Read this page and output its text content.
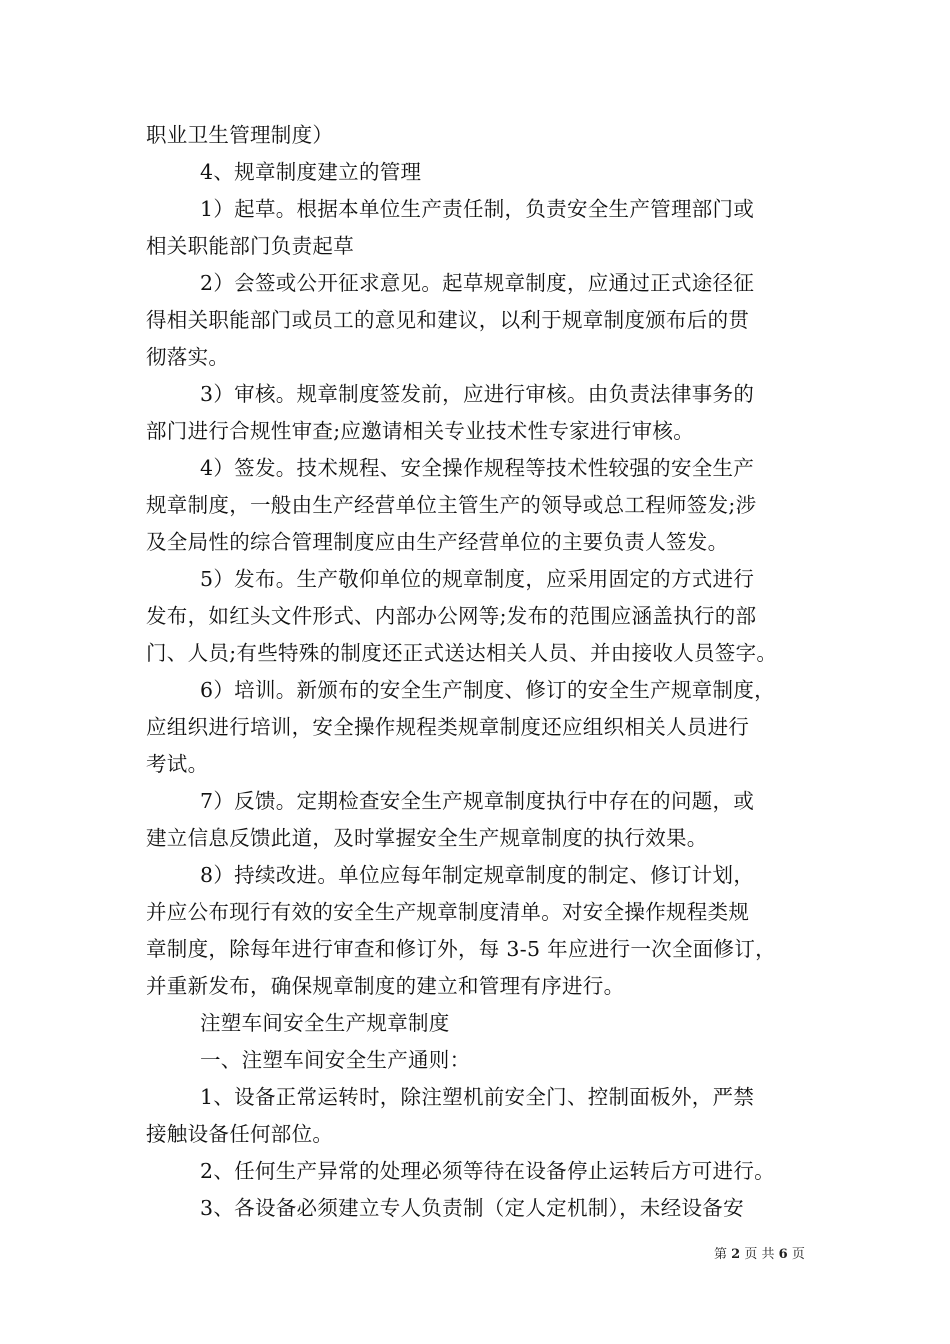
职业卫生管理制度）
4、规章制度建立的管理
1）起草。根据本单位生产责任制，负责安全生产管理部门或
相关职能部门负责起草
2）会签或公开征求意见。起草规章制度，应通过正式途径征
得相关职能部门或员工的意见和建议，以利于规章制度颁布后的贯
彻落实。
3）审核。规章制度签发前，应进行审核。由负责法律事务的
部门进行合规性审查;应邀请相关专业技术性专家进行审核。
4）签发。技术规程、安全操作规程等技术性较强的安全生产
规章制度，一般由生产经营单位主管生产的领导或总工程师签发;涉
及全局性的综合管理制度应由生产经营单位的主要负责人签发。
5）发布。生产敬仰单位的规章制度，应采用固定的方式进行
发布，如红头文件形式、内部办公网等;发布的范围应涵盖执行的部
门、人员;有些特殊的制度还正式送达相关人员、并由接收人员签字。
6）培训。新颁布的安全生产制度、修订的安全生产规章制度，
应组织进行培训，安全操作规程类规章制度还应组织相关人员进行
考试。
7）反馈。定期检查安全生产规章制度执行中存在的问题，或
建立信息反馈此道，及时掌握安全生产规章制度的执行效果。
8）持续改进。单位应每年制定规章制度的制定、修订计划，
并应公布现行有效的安全生产规章制度清单。对安全操作规程类规
章制度，除每年进行审查和修订外，每 3-5 年应进行一次全面修订，
并重新发布，确保规章制度的建立和管理有序进行。
注塑车间安全生产规章制度
一、注塑车间安全生产通则：
1、设备正常运转时，除注塑机前安全门、控制面板外，严禁
接触设备任何部位。
2、任何生产异常的处理必须等待在设备停止运转后方可进行。
3、各设备必须建立专人负责制（定人定机制），未经设备安
第 2 页 共 6 页
